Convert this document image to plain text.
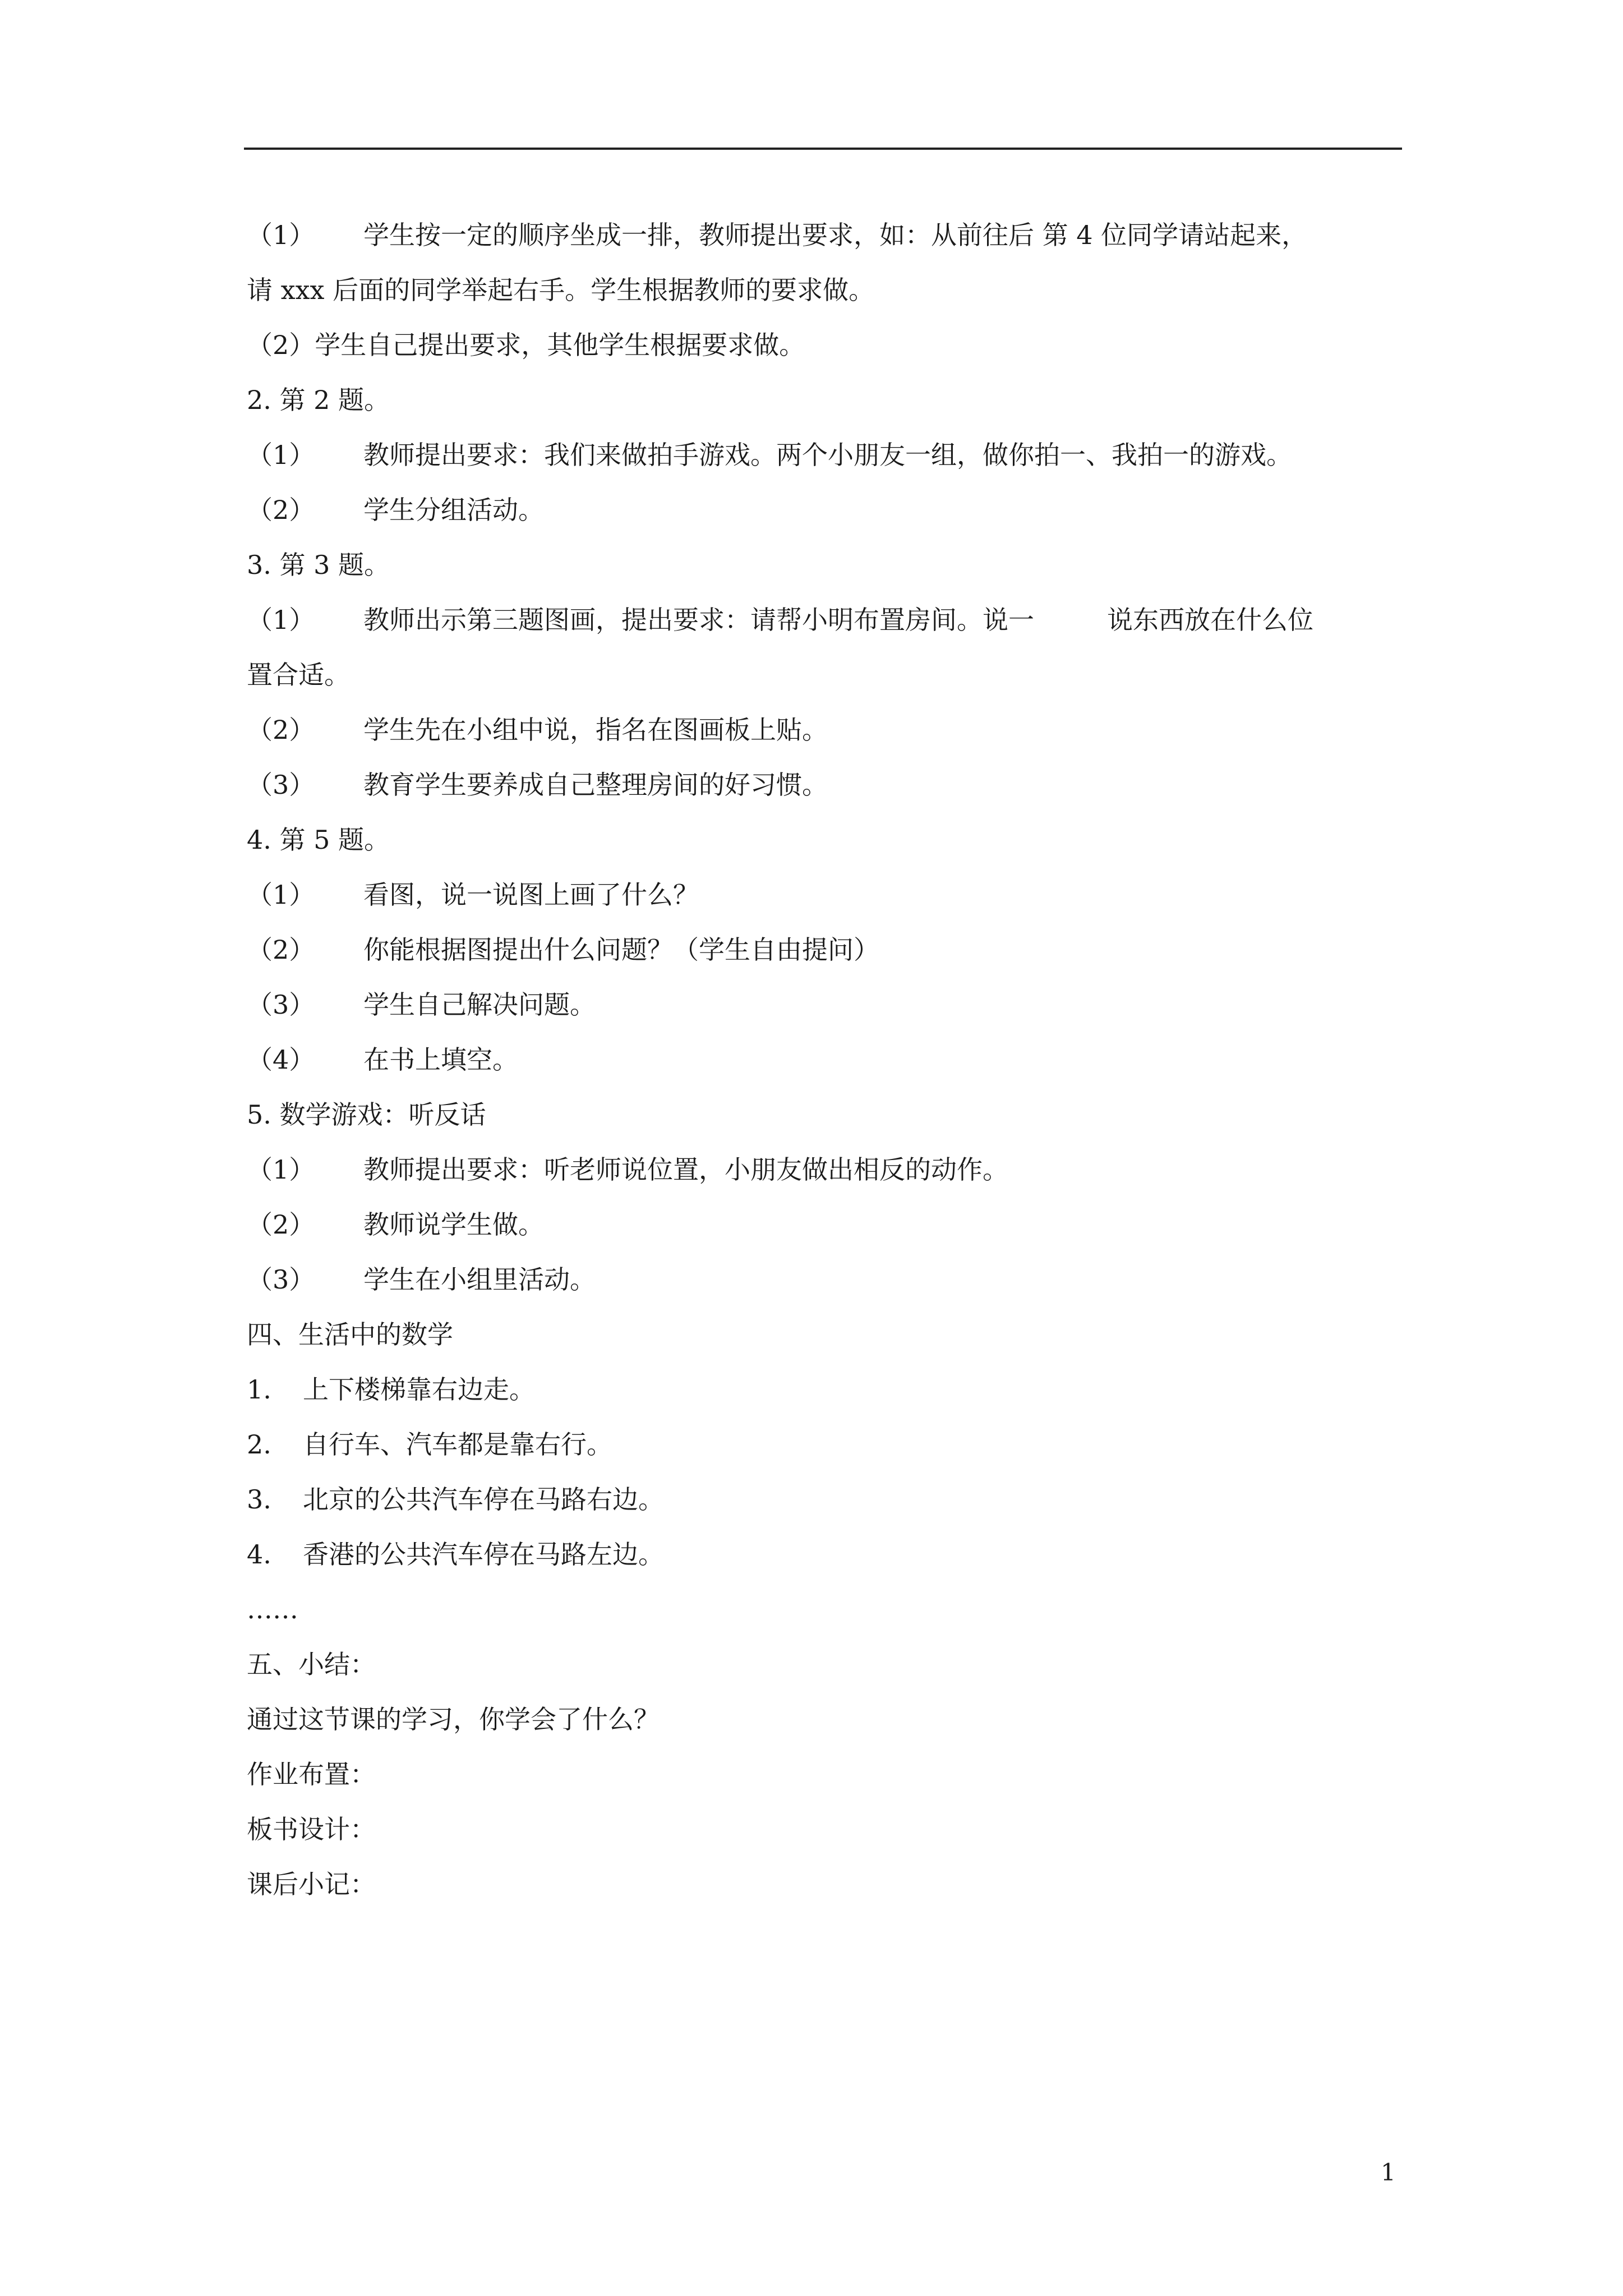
（1） 学生按一定的顺序坐成一排，教师提出要求，如：从前往后 第 4 位同学请站起来，
请 xxx 后面的同学举起右手。学生根据教师的要求做。
（2）学生自己提出要求，其他学生根据要求做。
2. 第 2 题。
（1） 教师提出要求：我们来做拍手游戏。两个小朋友一组，做你拍一、我拍一的游戏。
（2） 学生分组活动。
3. 第 3 题。
（1） 教师出示第三题图画，提出要求：请帮小明布置房间。说一	说东西放在什么位
置合适。
（2） 学生先在小组中说，指名在图画板上贴。
（3） 教育学生要养成自己整理房间的好习惯。
4. 第 5 题。
（1） 看图，说一说图上画了什么？
（2） 你能根据图提出什么问题？（学生自由提问）
（3） 学生自己解决问题。
（4） 在书上填空。
5. 数学游戏：听反话
（1） 教师提出要求：听老师说位置，小朋友做出相反的动作。
（2） 教师说学生做。
（3） 学生在小组里活动。
四、生活中的数学
1. 上下楼梯靠右边走。
2. 自行车、汽车都是靠右行。
3. 北京的公共汽车停在马路右边。
4. 香港的公共汽车停在马路左边。
……
五、小结：
通过这节课的学习，你学会了什么？
作业布置：
板书设计：
课后小记：
1
